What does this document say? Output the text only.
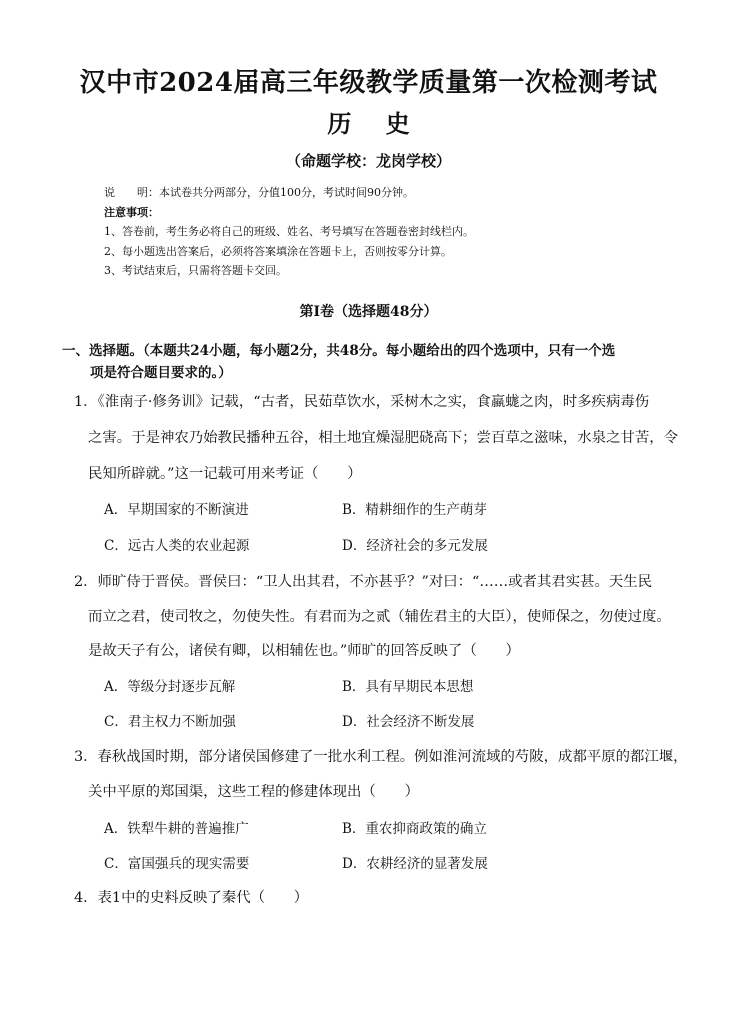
汉中市2024届高三年级教学质量第一次检测考试
历 史
（命题学校：龙岗学校）
说　　明：本试卷共分两部分，分值100分，考试时间90分钟。
注意事项：
1、答卷前，考生务必将自己的班级、姓名、考号填写在答题卷密封线栏内。
2、每小题选出答案后，必须将答案填涂在答题卡上，否则按零分计算。
3、考试结束后，只需将答题卡交回。
第Ⅰ卷（选择题48分）
一、选择题。（本题共24小题，每小题2分，共48分。每小题给出的四个选项中，只有一个选
项是符合题目要求的。）
1．《淮南子·修务训》记载，“古者，民茹草饮水，采树木之实，食蠃蛖之肉，时多疾病毒伤
之害。于是神农乃始教民播种五谷，相土地宜燥湿肥硗高下；尝百草之滋味，水泉之甘苦，令
民知所辟就。”这一记载可用来考证（　　）
A．早期国家的不断演进	B．精耕细作的生产萌芽
C．远古人类的农业起源	D．经济社会的多元发展
2．师旷侍于晋侯。晋侯曰：“卫人出其君，不亦甚乎？”对曰：“……或者其君实甚。天生民
而立之君，使司牧之，勿使失性。有君而为之贰（辅佐君主的大臣），使师保之，勿使过度。
是故天子有公，诸侯有卿，以相辅佐也。”师旷的回答反映了（　　）
A．等级分封逐步瓦解	B．具有早期民本思想
C．君主权力不断加强	D．社会经济不断发展
3．春秋战国时期，部分诸侯国修建了一批水利工程。例如淮河流域的芍陂，成都平原的都江堰，
关中平原的郑国渠，这些工程的修建体现出（　　）
A．铁犁牛耕的普遍推广	B．重农抑商政策的确立
C．富国强兵的现实需要	D．农耕经济的显著发展
4．表1中的史料反映了秦代（　　）
